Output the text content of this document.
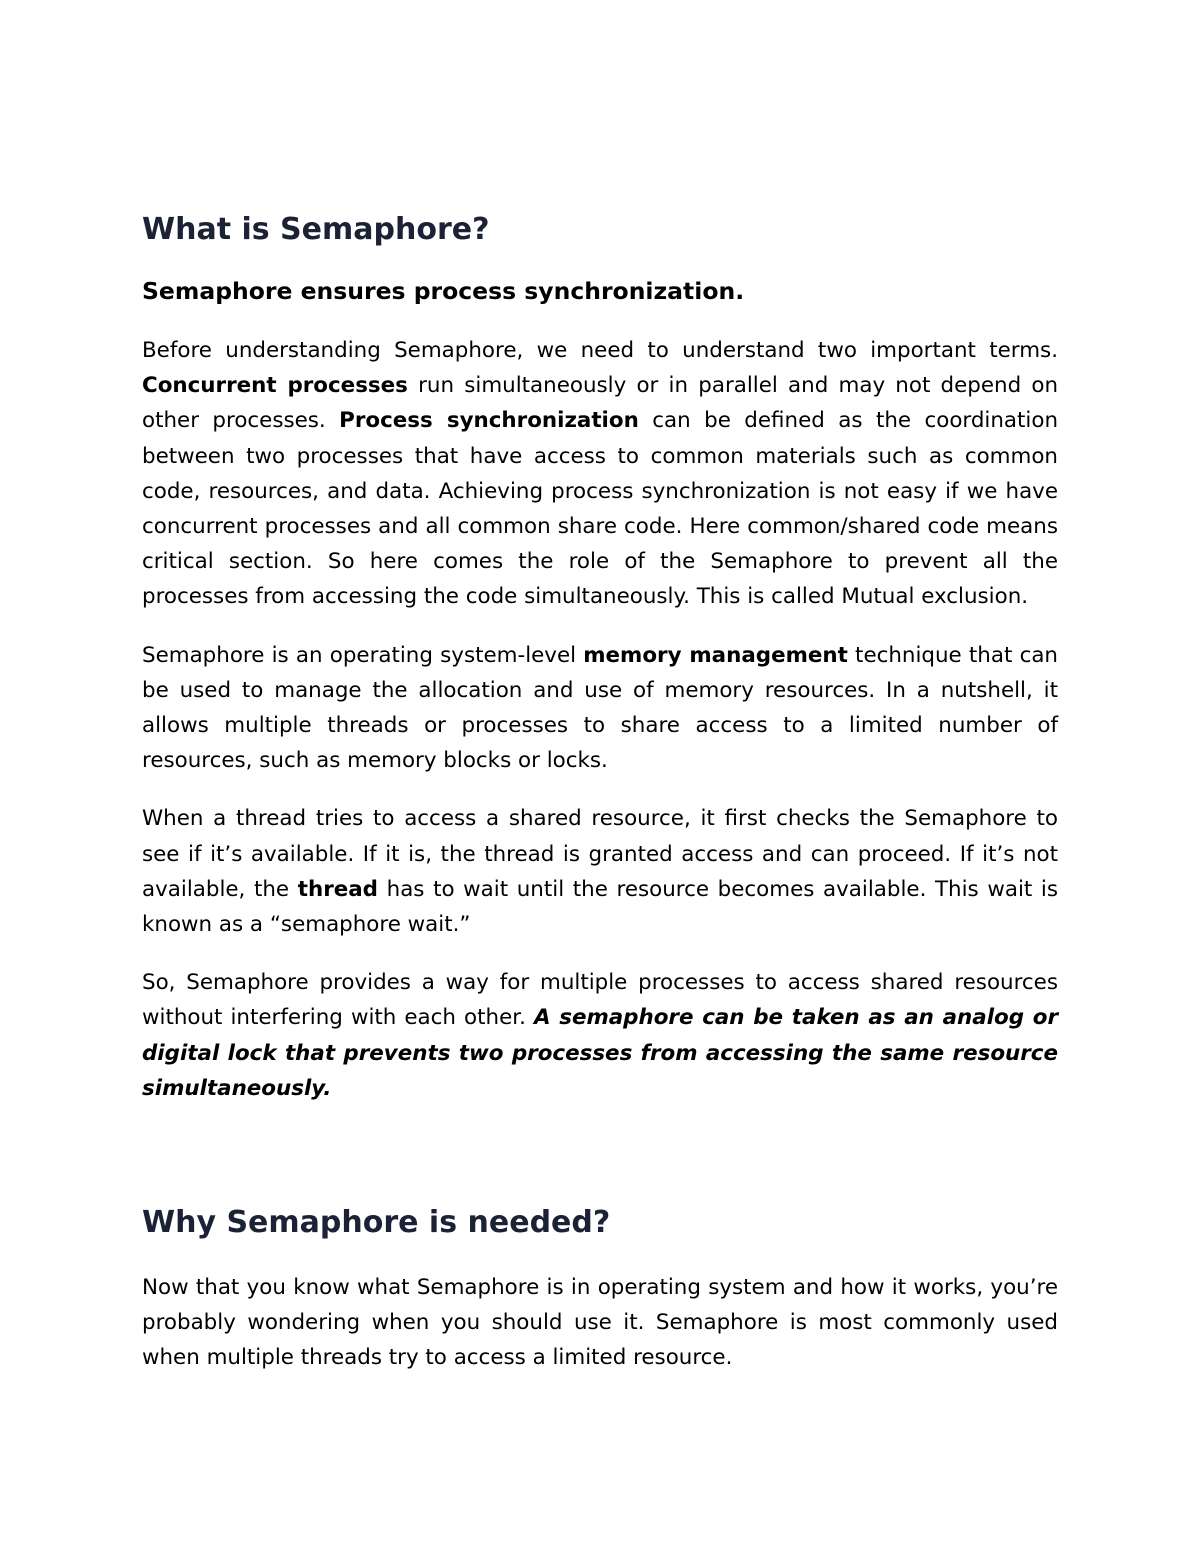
What is Semaphore?
Semaphore ensures process synchronization.

Before understanding Semaphore, we need to understand two important terms. Concurrent processes run simultaneously or in parallel and may not depend on other processes. Process synchronization can be defined as the coordination between two processes that have access to common materials such as common code, resources, and data. Achieving process synchronization is not easy if we have concurrent processes and all common share code. Here common/shared code means critical section. So here comes the role of the Semaphore to prevent all the processes from accessing the code simultaneously. This is called Mutual exclusion.

Semaphore is an operating system-level memory management technique that can be used to manage the allocation and use of memory resources. In a nutshell, it allows multiple threads or processes to share access to a limited number of resources, such as memory blocks or locks.

When a thread tries to access a shared resource, it first checks the Semaphore to see if it’s available. If it is, the thread is granted access and can proceed. If it’s not available, the thread has to wait until the resource becomes available. This wait is known as a “semaphore wait.”

So, Semaphore provides a way for multiple processes to access shared resources without interfering with each other. A semaphore can be taken as an analog or digital lock that prevents two processes from accessing the same resource simultaneously.

Why Semaphore is needed?

Now that you know what Semaphore is in operating system and how it works, you’re probably wondering when you should use it. Semaphore is most commonly used when multiple threads try to access a limited resource.
